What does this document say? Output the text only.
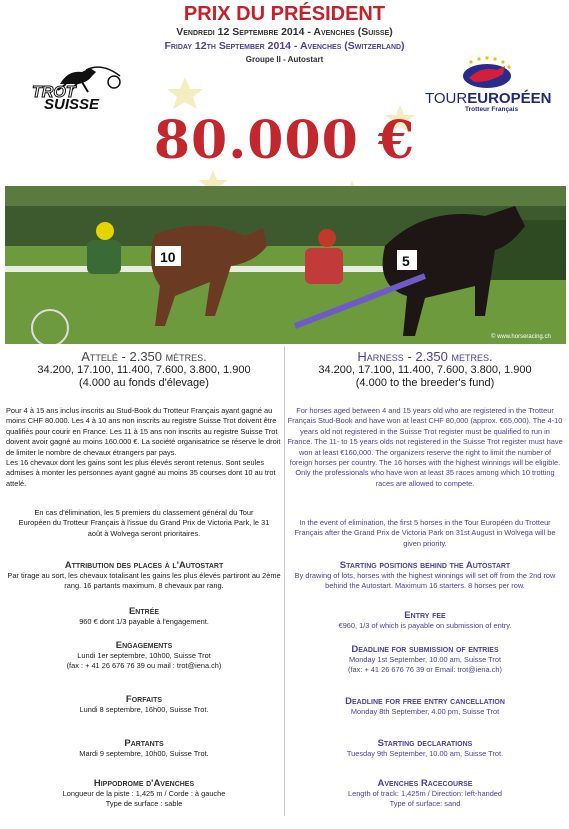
PRIX DU PRÉSIDENT
Vendredi 12 Septembre 2014 - Avenches (Suisse)
Friday 12th September 2014 - Avenches (Switzerland)
Groupe II - Autostart
TROT
SUISSE	TOUREUROPÉEN
Trotteur Français
80.000 €
10	5
© www.horseracing.ch
Attelé - 2.350 mètres.
34.200, 17.100, 11.400, 7.600, 3.800, 1.900
(4.000 au fonds d'élevage)

Pour 4 à 15 ans inclus inscrits au Stud-Book du Trotteur Français ayant gagné au moins CHF 80.000. Les 4 à 10 ans non inscrits au registre Suisse Trot doivent être qualifiés pour courir en France. Les 11 à 15 ans non inscrits au registre Suisse Trot doivent avoir gagné au moins 160.000 €. La société organisatrice se réserve le droit de limiter le nombre de chevaux étrangers par pays.

Les 16 chevaux dont les gains sont les plus élevés seront retenus. Sont seules admises à monter les personnes ayant gagné au moins 35 courses dont 10 au trot attelé.

En cas d'élimination, les 5 premiers du classement général du Tour Européen du Trotteur Français à l'issue du Grand Prix de Victoria Park, le 31 août à Wolvega seront prioritaires.

Attribution des places à l'Autostart

Par tirage au sort, les chevaux totalisant les gains les plus élevés partiront au 2ème rang. 16 partants maximum. 8 chevaux par rang.

Entrée

960 € dont 1/3 payable à l'engagement.

Engagements

Lundi 1er septembre, 10h00, Suisse Trot

(fax : + 41 26 676 76 39 ou mail : trot@iena.ch)

Forfaits

Lundi 8 septembre, 16h00, Suisse Trot.

Partants

Mardi 9 septembre, 10h00, Suisse Trot.

Hippodrome d'Avenches

Longueur de la piste : 1,425 m / Corde : à gauche

Type de surface : sable

Harness - 2.350 metres.
34.200, 17.100, 11.400, 7.600, 3.800, 1.900
(4.000 to the breeder's fund)

For horses aged between 4 and 15 years old who are registered in the Trotteur Français Stud-Book and have won at least CHF 80,000 (approx. €65,000). The 4-10 years old not registered in the Suisse Trot register must be qualified to run in France. The 11- to 15 years olds not registered in the Suisse Trot register must have won at least €160,000. The organizers reserve the right to limit the number of foreign horses per country. The 16 horses with the highest winnings will be eligible. Only the professionals who have won at least 35 races among which 10 trotting races are allowed to compete.

In the event of elimination, the first 5 horses in the Tour Européen du Trotteur Français after the Grand Prix de Victoria Park on 31st August in Wolvega will be given priority.

Starting positions behind the Autostart

By drawing of lots, horses with the highest winnings will set off from the 2nd row behind the Autostart. Maximum 16 starters. 8 horses per row.

Entry fee

€960, 1/3 of which is payable on submission of entry.

Deadline for submission of entries

Monday 1st September, 10.00 am, Suisse Trot

(fax: + 41 26 676 76 39 or Email: trot@iena.ch)

Deadline for free entry cancellation

Monday 8th September, 4.00 pm, Suisse Trot

Starting declarations

Tuesday 9th September, 10.00 am, Suisse Trot.

Avenches Racecourse

Length of track: 1,425m / Direction: left-handed

Type of surface: sand
